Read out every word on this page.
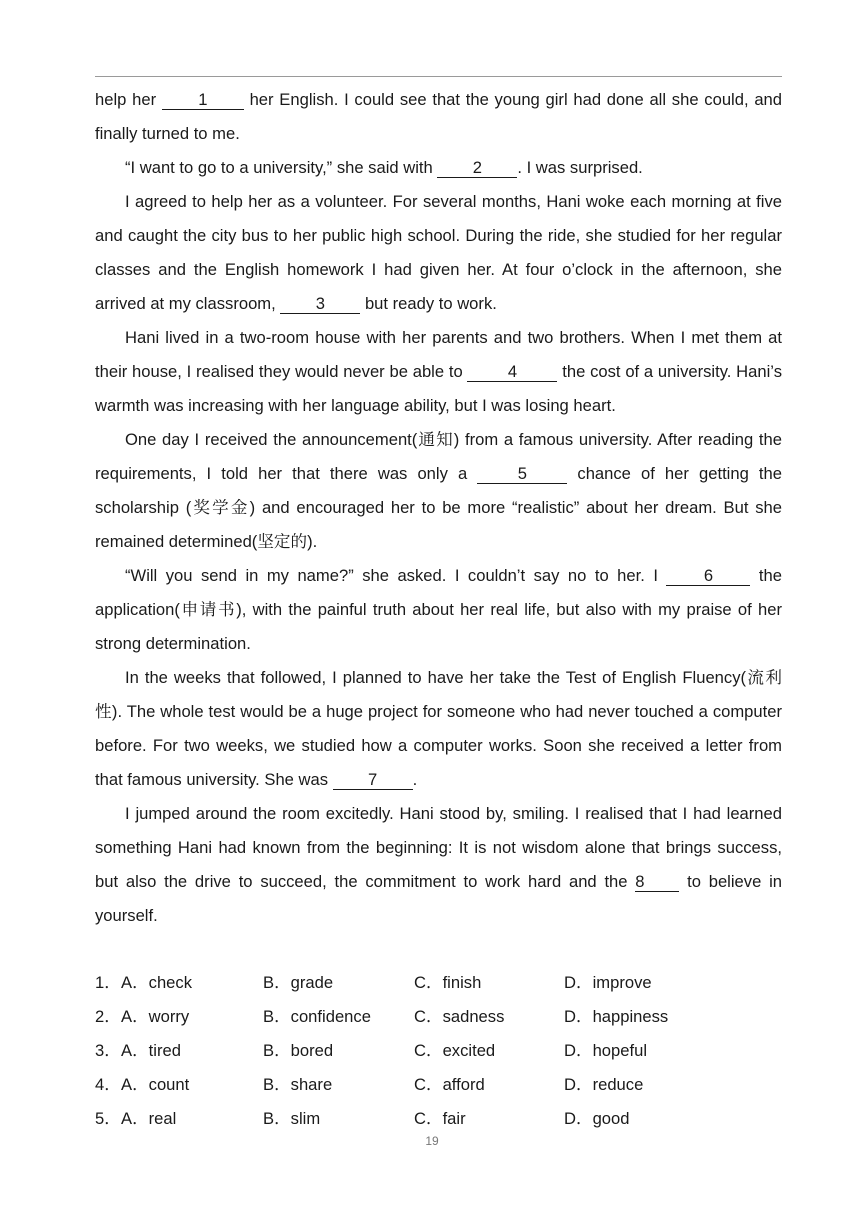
help her 1 her English. I could see that the young girl had done all she could, and finally turned to me.

“I want to go to a university,” she said with 2 . I was surprised.

I agreed to help her as a volunteer. For several months, Hani woke each morning at five and caught the city bus to her public high school. During the ride, she studied for her regular classes and the English homework I had given her. At four o’clock in the afternoon, she arrived at my classroom, 3 but ready to work.

Hani lived in a two-room house with her parents and two brothers. When I met them at their house, I realised they would never be able to 4 the cost of a university. Hani’s warmth was increasing with her language ability, but I was losing heart.

One day I received the announcement(通知) from a famous university. After reading the requirements, I told her that there was only a 5 chance of her getting the scholarship (奖学金) and encouraged her to be more “realistic” about her dream. But she remained determined(坚定的).

“Will you send in my name?” she asked. I couldn’t say no to her. I 6 the application(申请书), with the painful truth about her real life, but also with my praise of her strong determination.

In the weeks that followed, I planned to have her take the Test of English Fluency(流利性). The whole test would be a huge project for someone who had never touched a computer before. For two weeks, we studied how a computer works. Soon she received a letter from that famous university. She was 7 .

I jumped around the room excitedly. Hani stood by, smiling. I realised that I had learned something Hani had known from the beginning: It is not wisdom alone that brings success, but also the drive to succeed, the commitment to work hard and the 8 to believe in yourself.

1． A．check	B．grade	C．finish	D．improve
2． A．worry	B．confidence	C．sadness	D．happiness
3． A．tired	B．bored	C．excited	D．hopeful
4． A．count	B．share	C．afford	D．reduce
5． A．real	B．slim	C．fair	D．good
19
